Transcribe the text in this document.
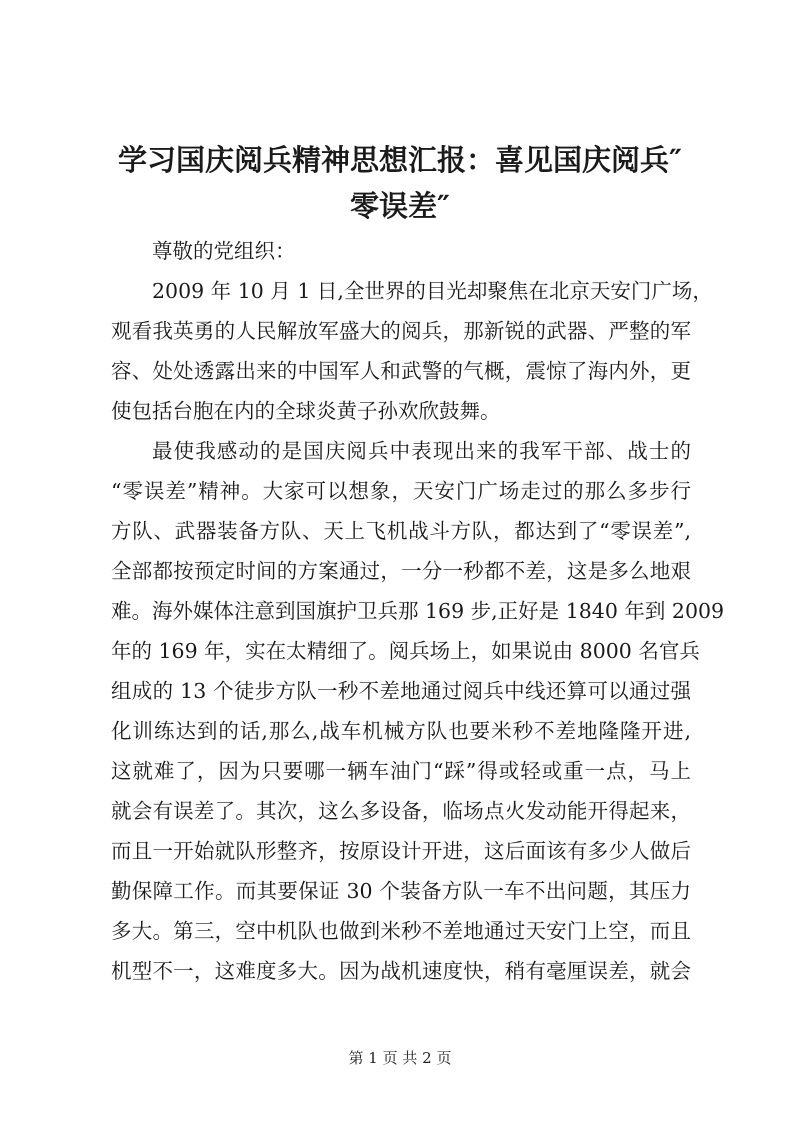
学习国庆阅兵精神思想汇报：喜见国庆阅兵″
零误差″

尊敬的党组织：

2009 年 10 月 1 日,全世界的目光却聚焦在北京天安门广场，

观看我英勇的人民解放军盛大的阅兵，那新锐的武器、严整的军

容、处处透露出来的中国军人和武警的气概，震惊了海内外，更

使包括台胞在内的全球炎黄子孙欢欣鼓舞。

最使我感动的是国庆阅兵中表现出来的我军干部、战士的

“零误差”精神。大家可以想象，天安门广场走过的那么多步行

方队、武器装备方队、天上飞机战斗方队，都达到了“零误差”,

全部都按预定时间的方案通过，一分一秒都不差，这是多么地艰

难。海外媒体注意到国旗护卫兵那 169 步,正好是 1840 年到 2009

年的 169 年，实在太精细了。阅兵场上，如果说由 8000 名官兵

组成的 13 个徒步方队一秒不差地通过阅兵中线还算可以通过强

化训练达到的话,那么,战车机械方队也要米秒不差地隆隆开进,

这就难了，因为只要哪一辆车油门“踩”得或轻或重一点，马上

就会有误差了。其次，这么多设备，临场点火发动能开得起来，

而且一开始就队形整齐，按原设计开进，这后面该有多少人做后

勤保障工作。而其要保证 30 个装备方队一车不出问题，其压力

多大。第三，空中机队也做到米秒不差地通过天安门上空，而且

机型不一，这难度多大。因为战机速度快，稍有毫厘误差，就会

第 1 页 共 2 页
